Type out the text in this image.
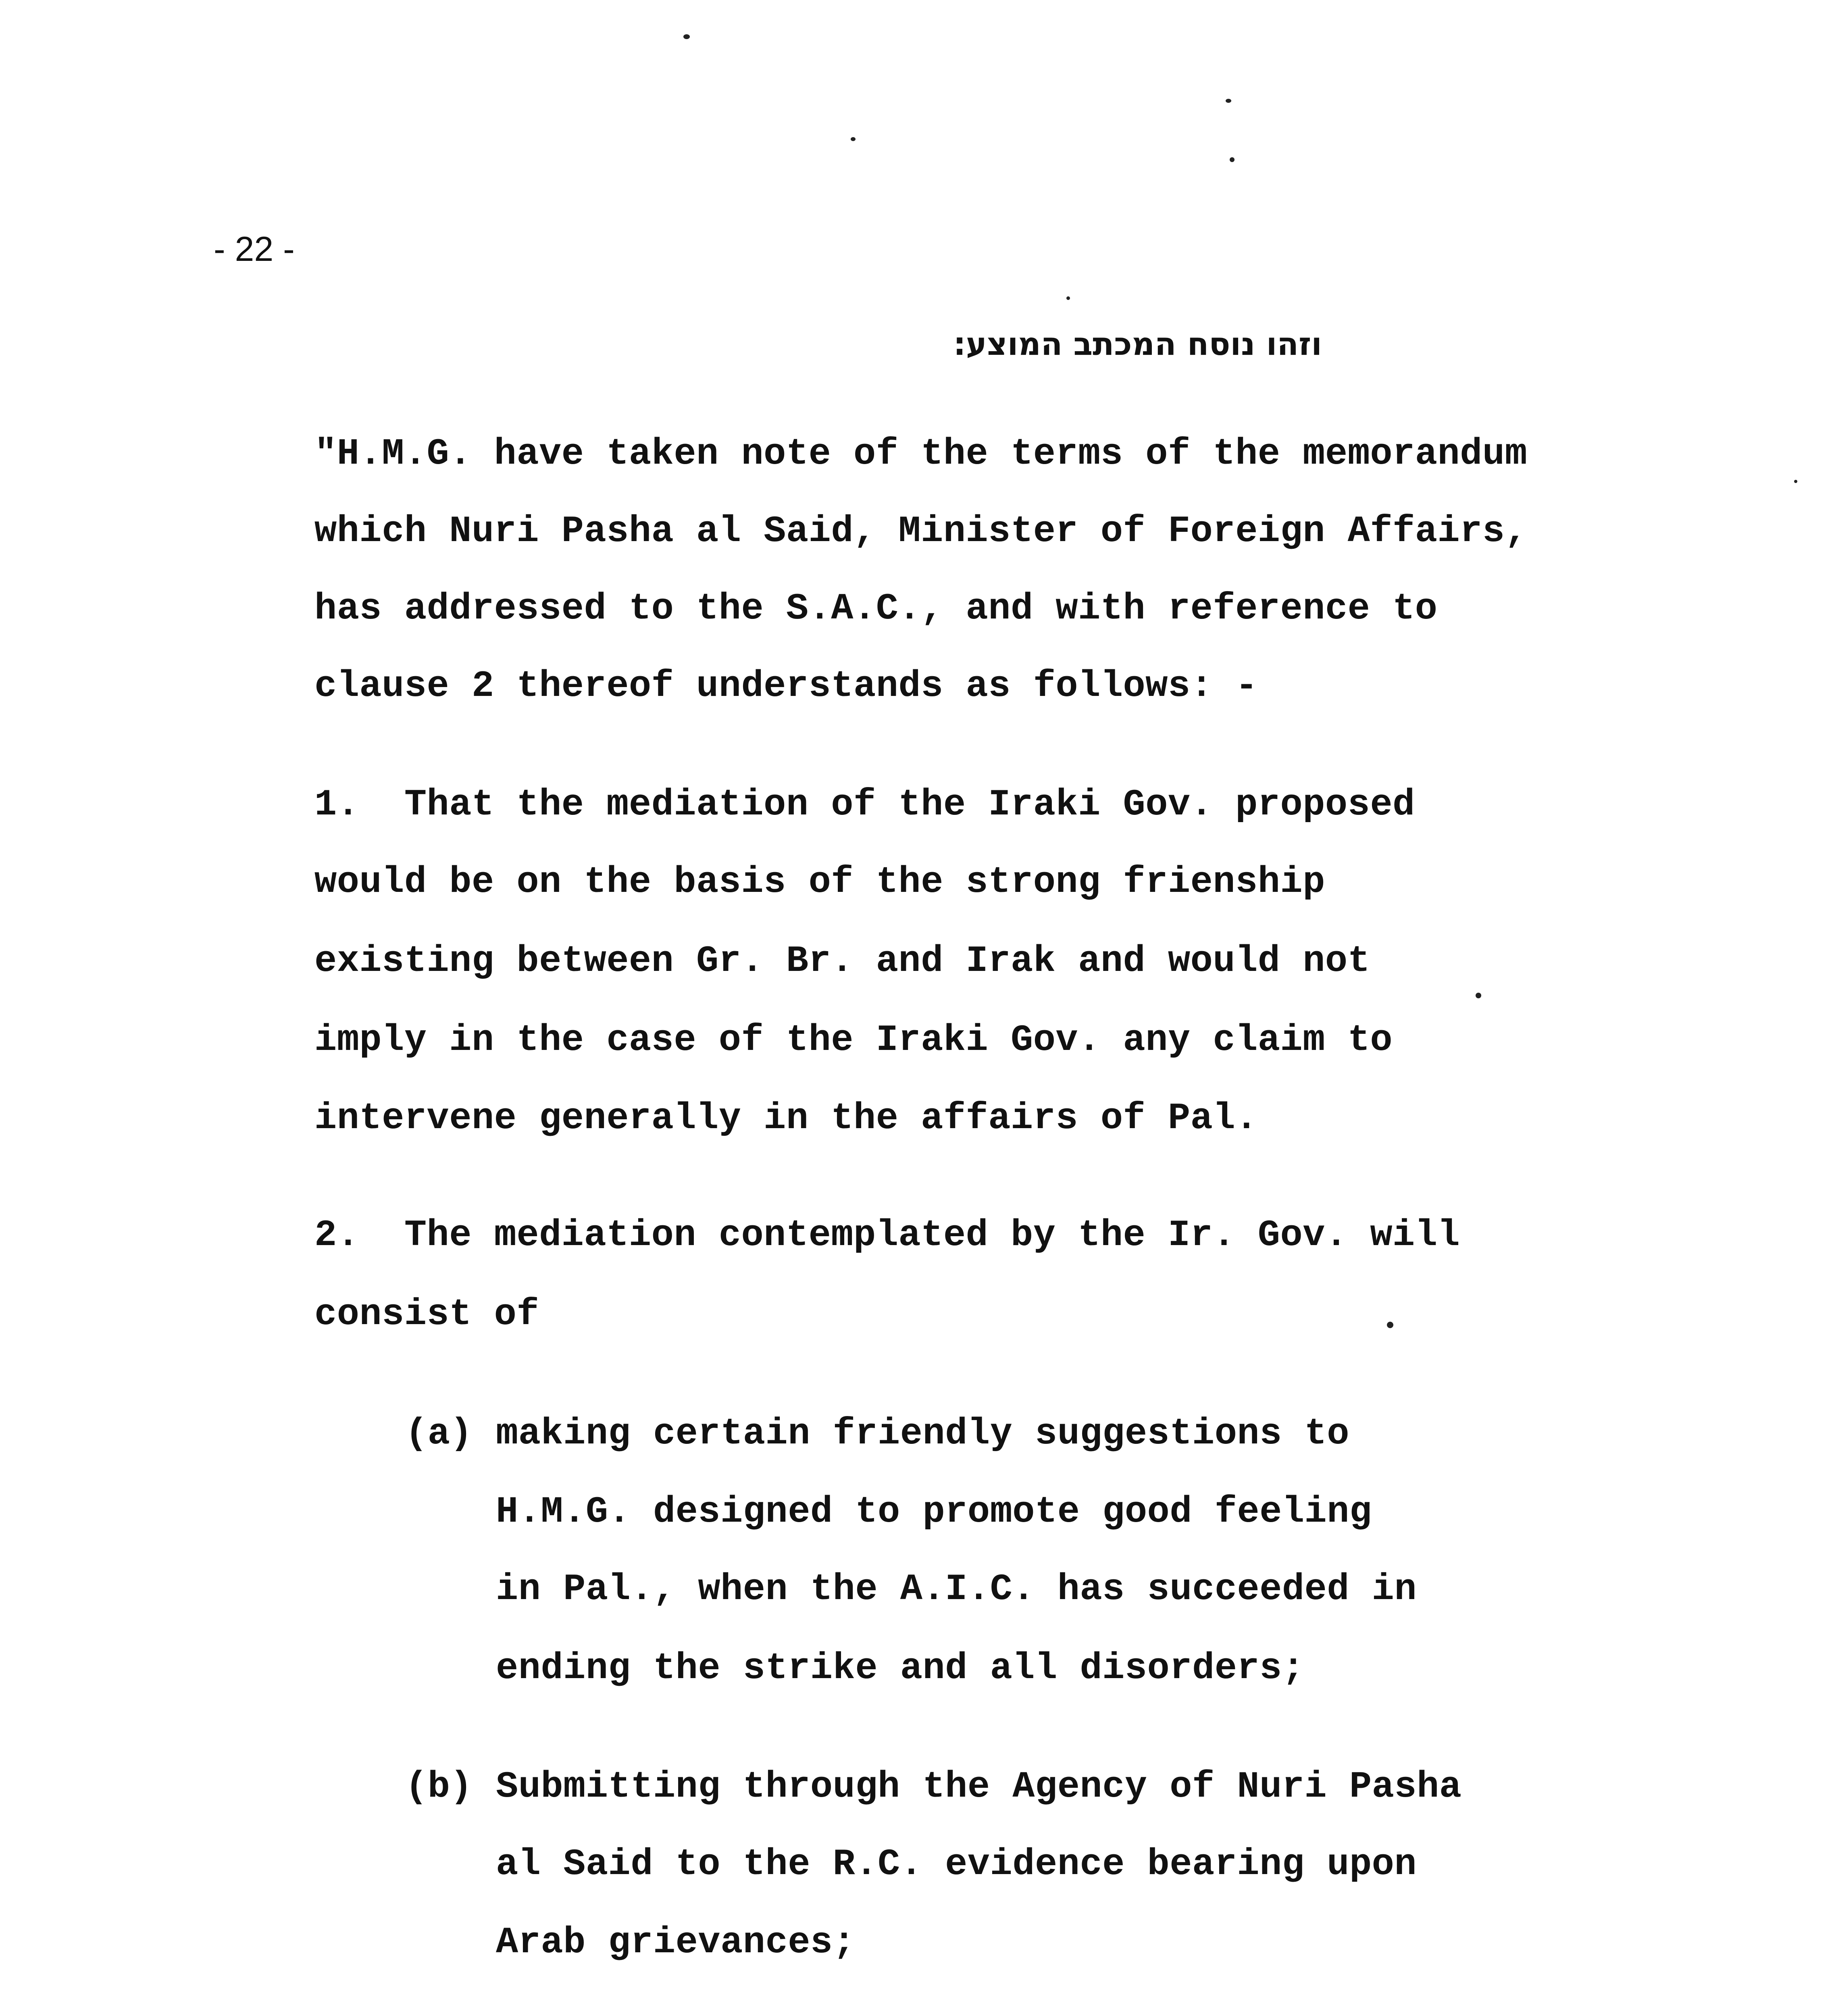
- 22 -
וזהו נוסח המכתב המוצע:
"H.M.G. have taken note of the terms of the memorandum
which Nuri Pasha al Said, Minister of Foreign Affairs,
has addressed to the S.A.C., and with reference to
clause 2 thereof understands as follows: -
1.  That the mediation of the Iraki Gov. proposed
would be on the basis of the strong frienship
existing between Gr. Br. and Irak and would not
imply in the case of the Iraki Gov. any claim to
intervene generally in the affairs of Pal.
2.  The mediation contemplated by the Ir. Gov. will
consist of
(a) making certain friendly suggestions to
H.M.G. designed to promote good feeling
in Pal., when the A.I.C. has succeeded in
ending the strike and all disorders;
(b) Submitting through the Agency of Nuri Pasha
al Said to the R.C. evidence bearing upon
Arab grievances;
